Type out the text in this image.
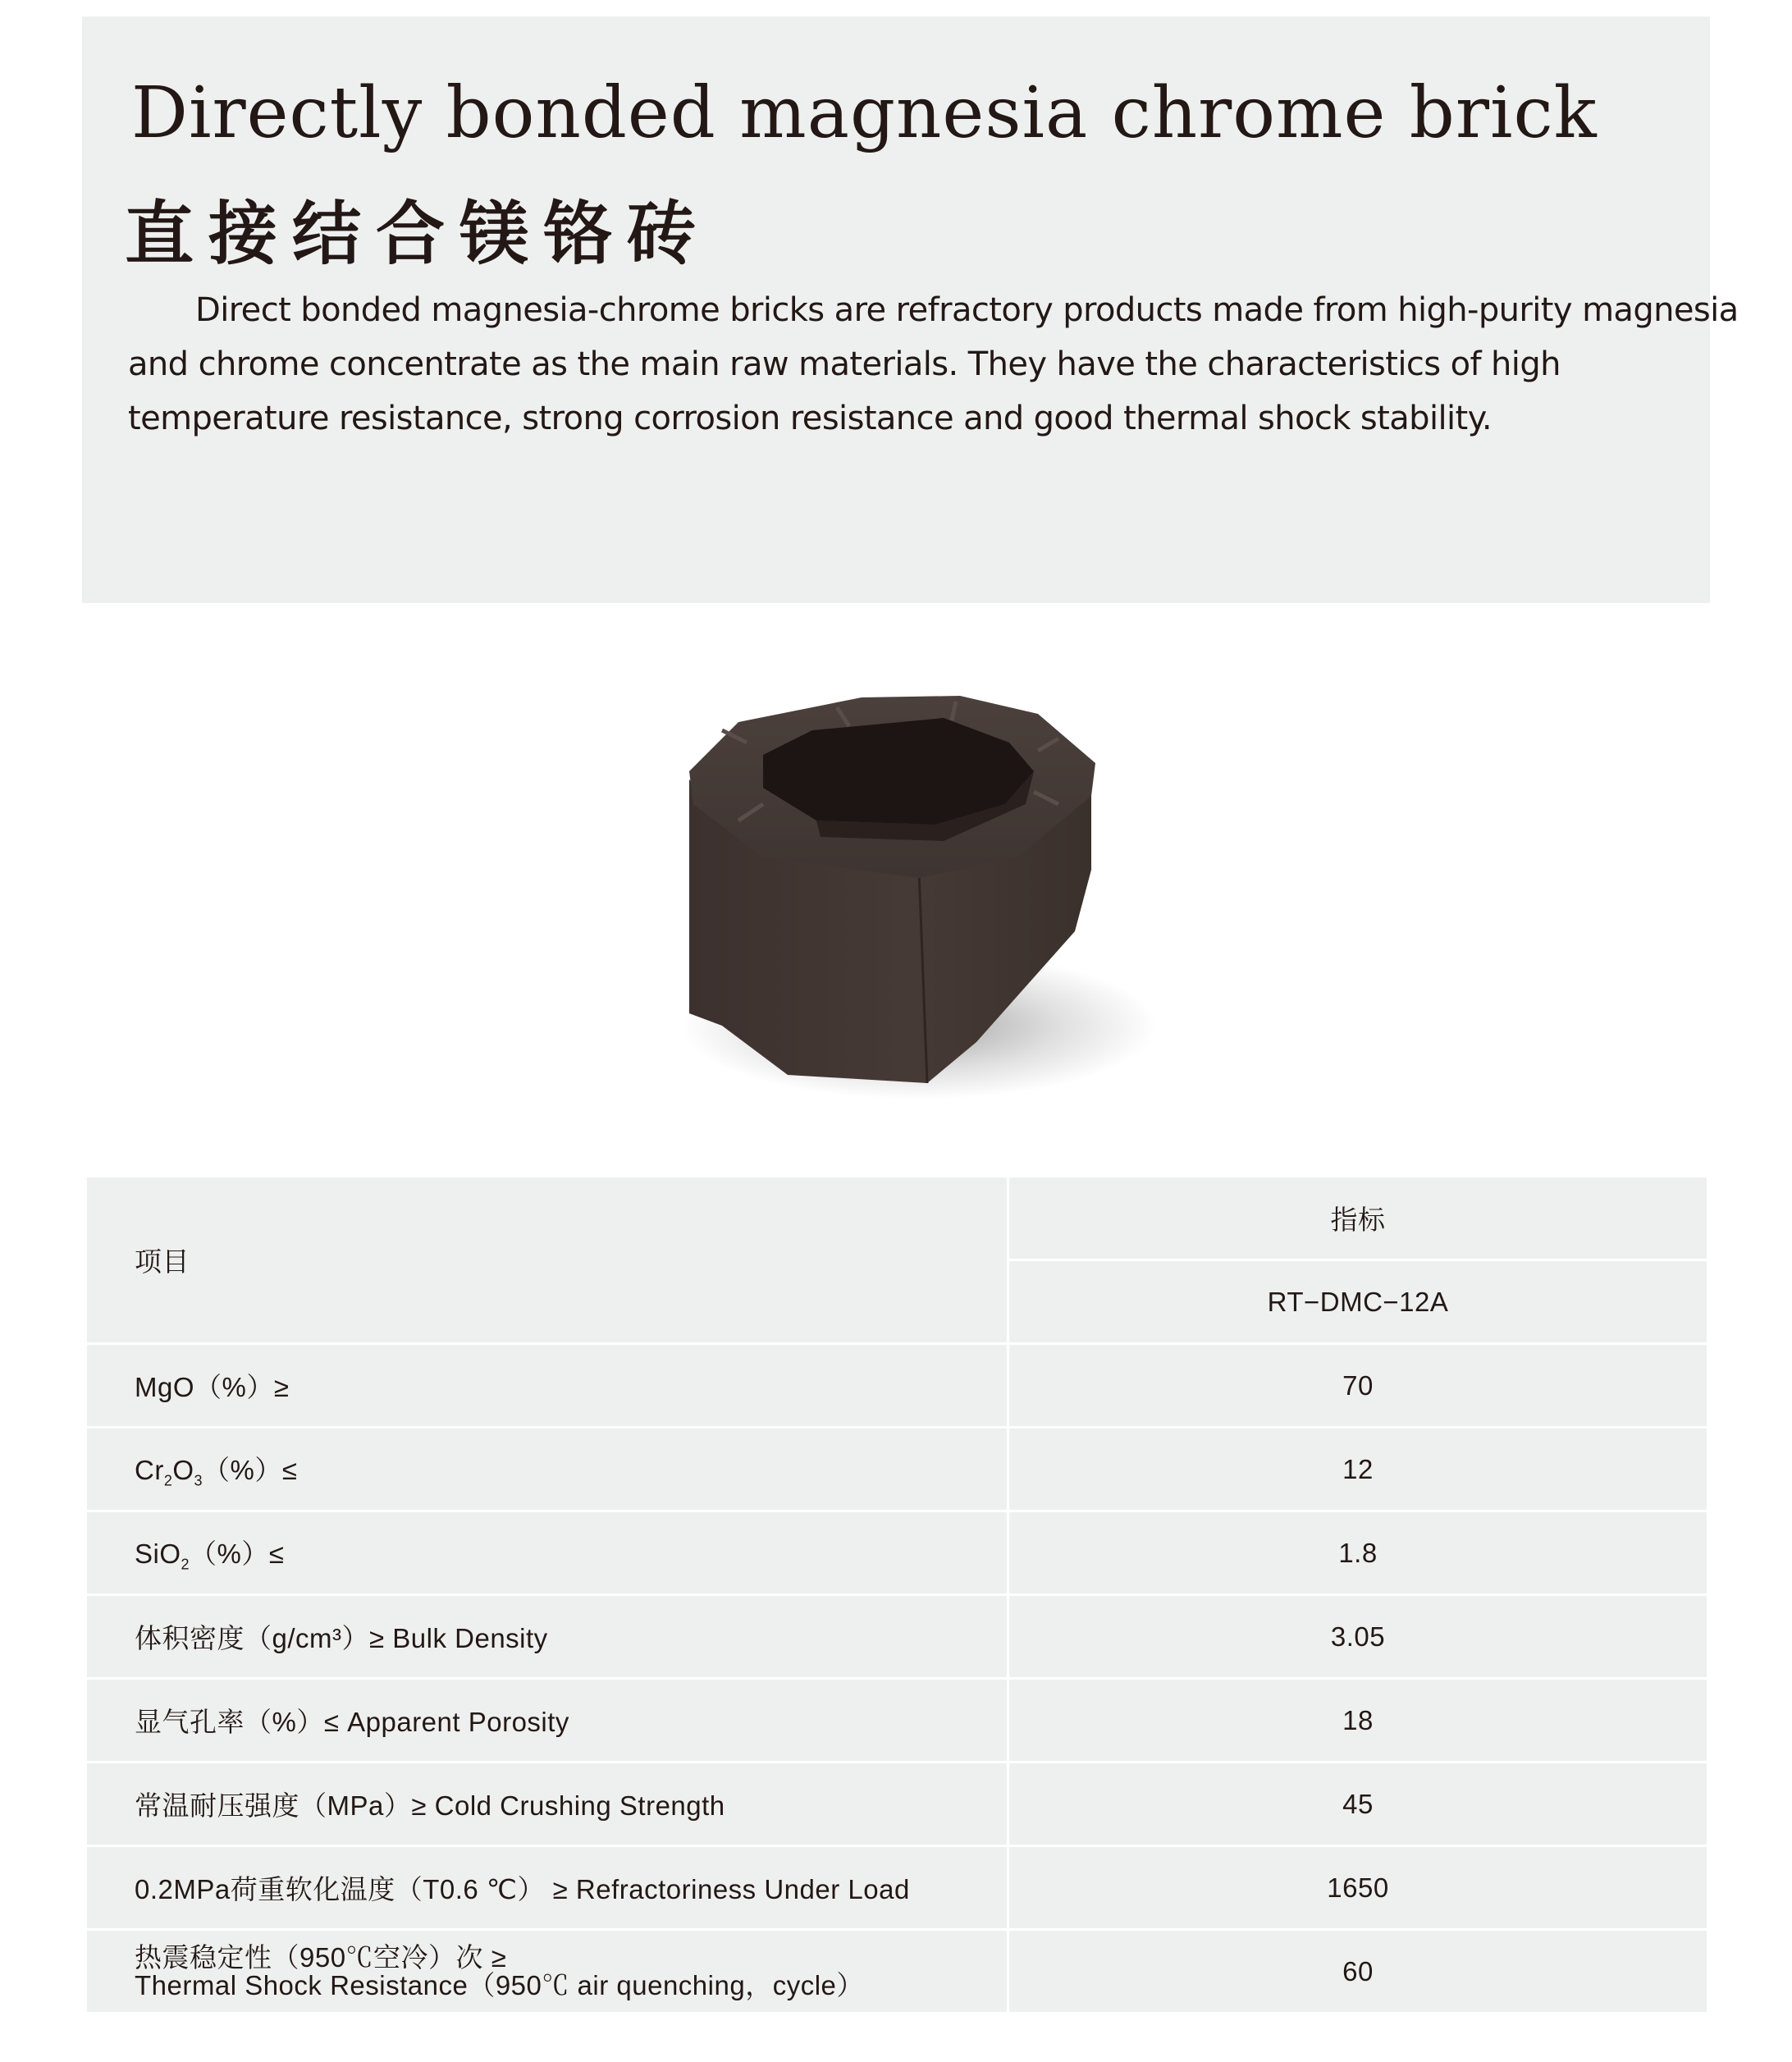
Directly bonded magnesia chrome brick
直接结合镁铬砖

Direct bonded magnesia-chrome bricks are refractory products made from high-purity magnesia and chrome concentrate as the main raw materials. They have the characteristics of high temperature resistance, strong corrosion resistance and good thermal shock stability.

项目	指标
	RT−DMC−12A
MgO（%）≥	70
$Cr_2O_3(\%)\le$	12
SiO$_2$（%）≤	1.8
体积密度（g/cm³）≥ Bulk Density	3.05
显气孔率（%）≤ Apparent Porosity	18
常温耐压强度（MPa）≥ Cold Crushing Strength	45
0.2MPa荷重软化温度（T0.6 ℃） ≥ Refractoriness Under Load	1650

热震稳定性（950℃空冷）次 ≥
Thermal Shock Resistance（950℃ air quenching，cycle）	60
